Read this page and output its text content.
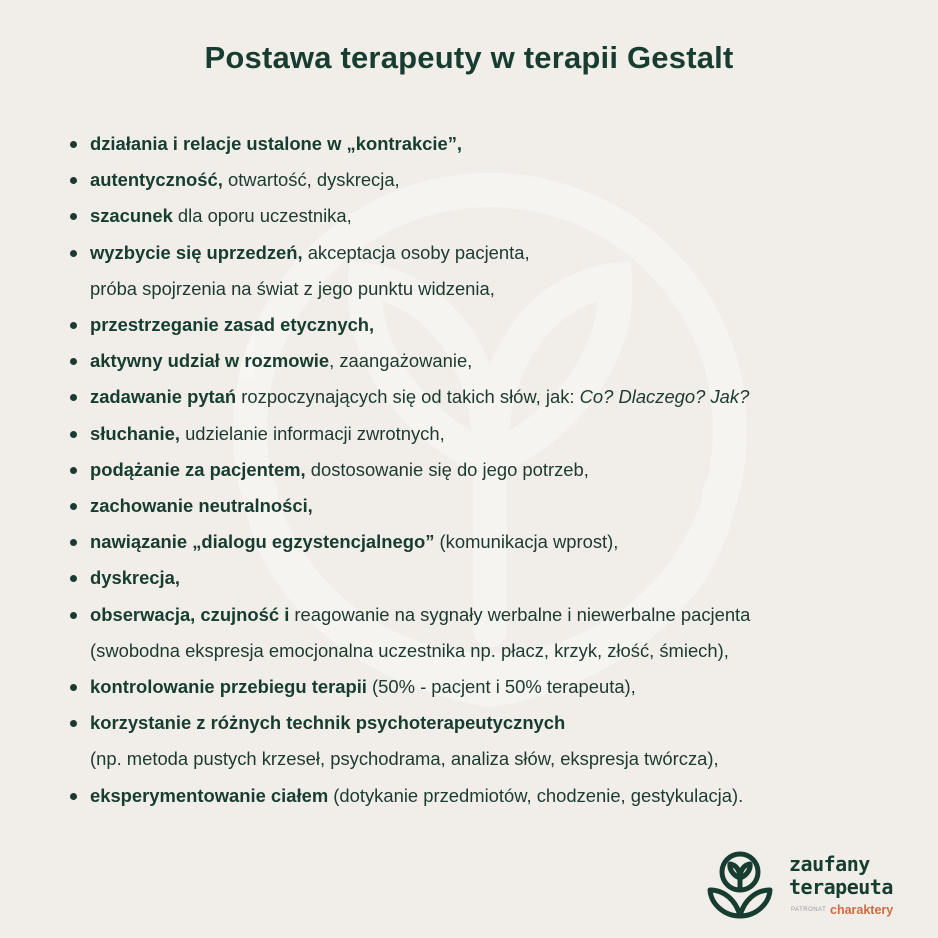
Postawa terapeuty w terapii Gestalt
działania i relacje ustalone w „kontrakcie”,
autentyczność, otwartość, dyskrecja,
szacunek dla oporu uczestnika,
wyzbycie się uprzedzeń, akceptacja osoby pacjenta,
próba spojrzenia na świat z jego punktu widzenia,
przestrzeganie zasad etycznych,
aktywny udział w rozmowie, zaangażowanie,
zadawanie pytań rozpoczynających się od takich słów, jak: Co? Dlaczego? Jak?
słuchanie, udzielanie informacji zwrotnych,
podążanie za pacjentem, dostosowanie się do jego potrzeb,
zachowanie neutralności,
nawiązanie „dialogu egzystencjalnego” (komunikacja wprost),
dyskrecja,
obserwacja, czujność i reagowanie na sygnały werbalne i niewerbalne pacjenta
(swobodna ekspresja emocjonalna uczestnika np. płacz, krzyk, złość, śmiech),
kontrolowanie przebiegu terapii (50% - pacjent i 50% terapeuta),
korzystanie z różnych technik psychoterapeutycznych
(np. metoda pustych krzeseł, psychodrama, analiza słów, ekspresja twórcza),
eksperymentowanie ciałem (dotykanie przedmiotów, chodzenie, gestykulacja).
zaufany
terapeuta
PATRONAT charaktery
